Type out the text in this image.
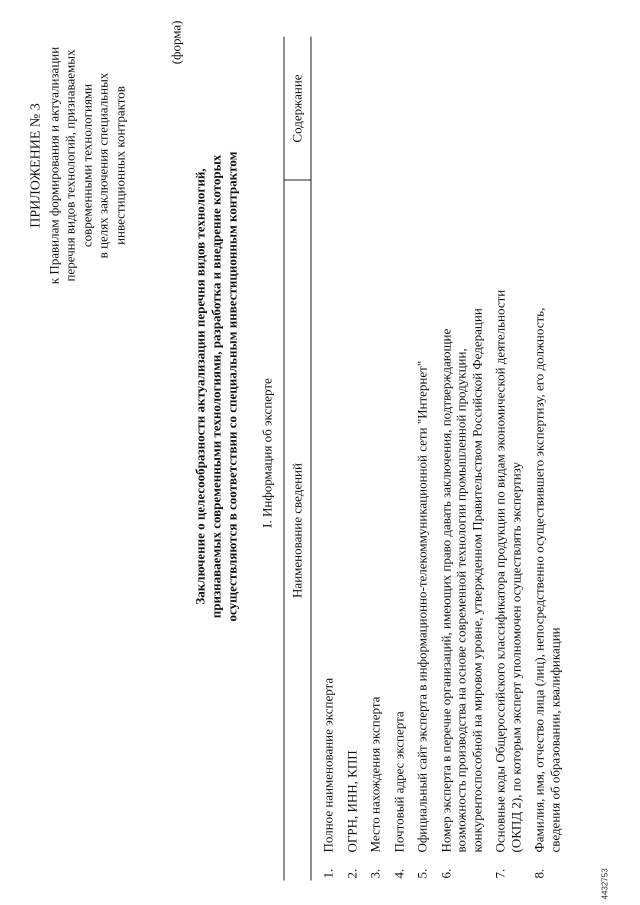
ПРИЛОЖЕНИЕ № 3 к Правилам формирования и актуализации перечня видов технологий, признаваемых современными технологиями в целях заключения специальных инвестиционных контрактов
(форма)
Заключение о целесообразности актуализации перечня видов технологий, признаваемых современными технологиями, разработка и внедрение которых осуществляются в соответствии со специальным инвестиционным контрактом I. Информация об эксперте
Наименование сведений
Содержание
1.
Полное наименование эксперта
2.
ОГРН, ИНН, КПП
3.
Место нахождения эксперта
4.
Почтовый адрес эксперта
5.
Официальный сайт эксперта в информационно-телекоммуникационной сети "Интернет"
6.
Номер эксперта в перечне организаций, имеющих право давать заключения, подтверждающие возможность производства на основе современной технологии промышленной продукции, конкурентоспособной на мировом уровне, утвержденном Правительством Российской Федерации
7.
Основные коды Общероссийского классификатора продукции по видам экономической деятельности (ОКПД 2), по которым эксперт уполномочен осуществлять экспертизу
8.
Фамилия, имя, отчество лица (лиц), непосредственно осуществившего экспертизу, его должность, сведения об образовании, квалификации
4432753
